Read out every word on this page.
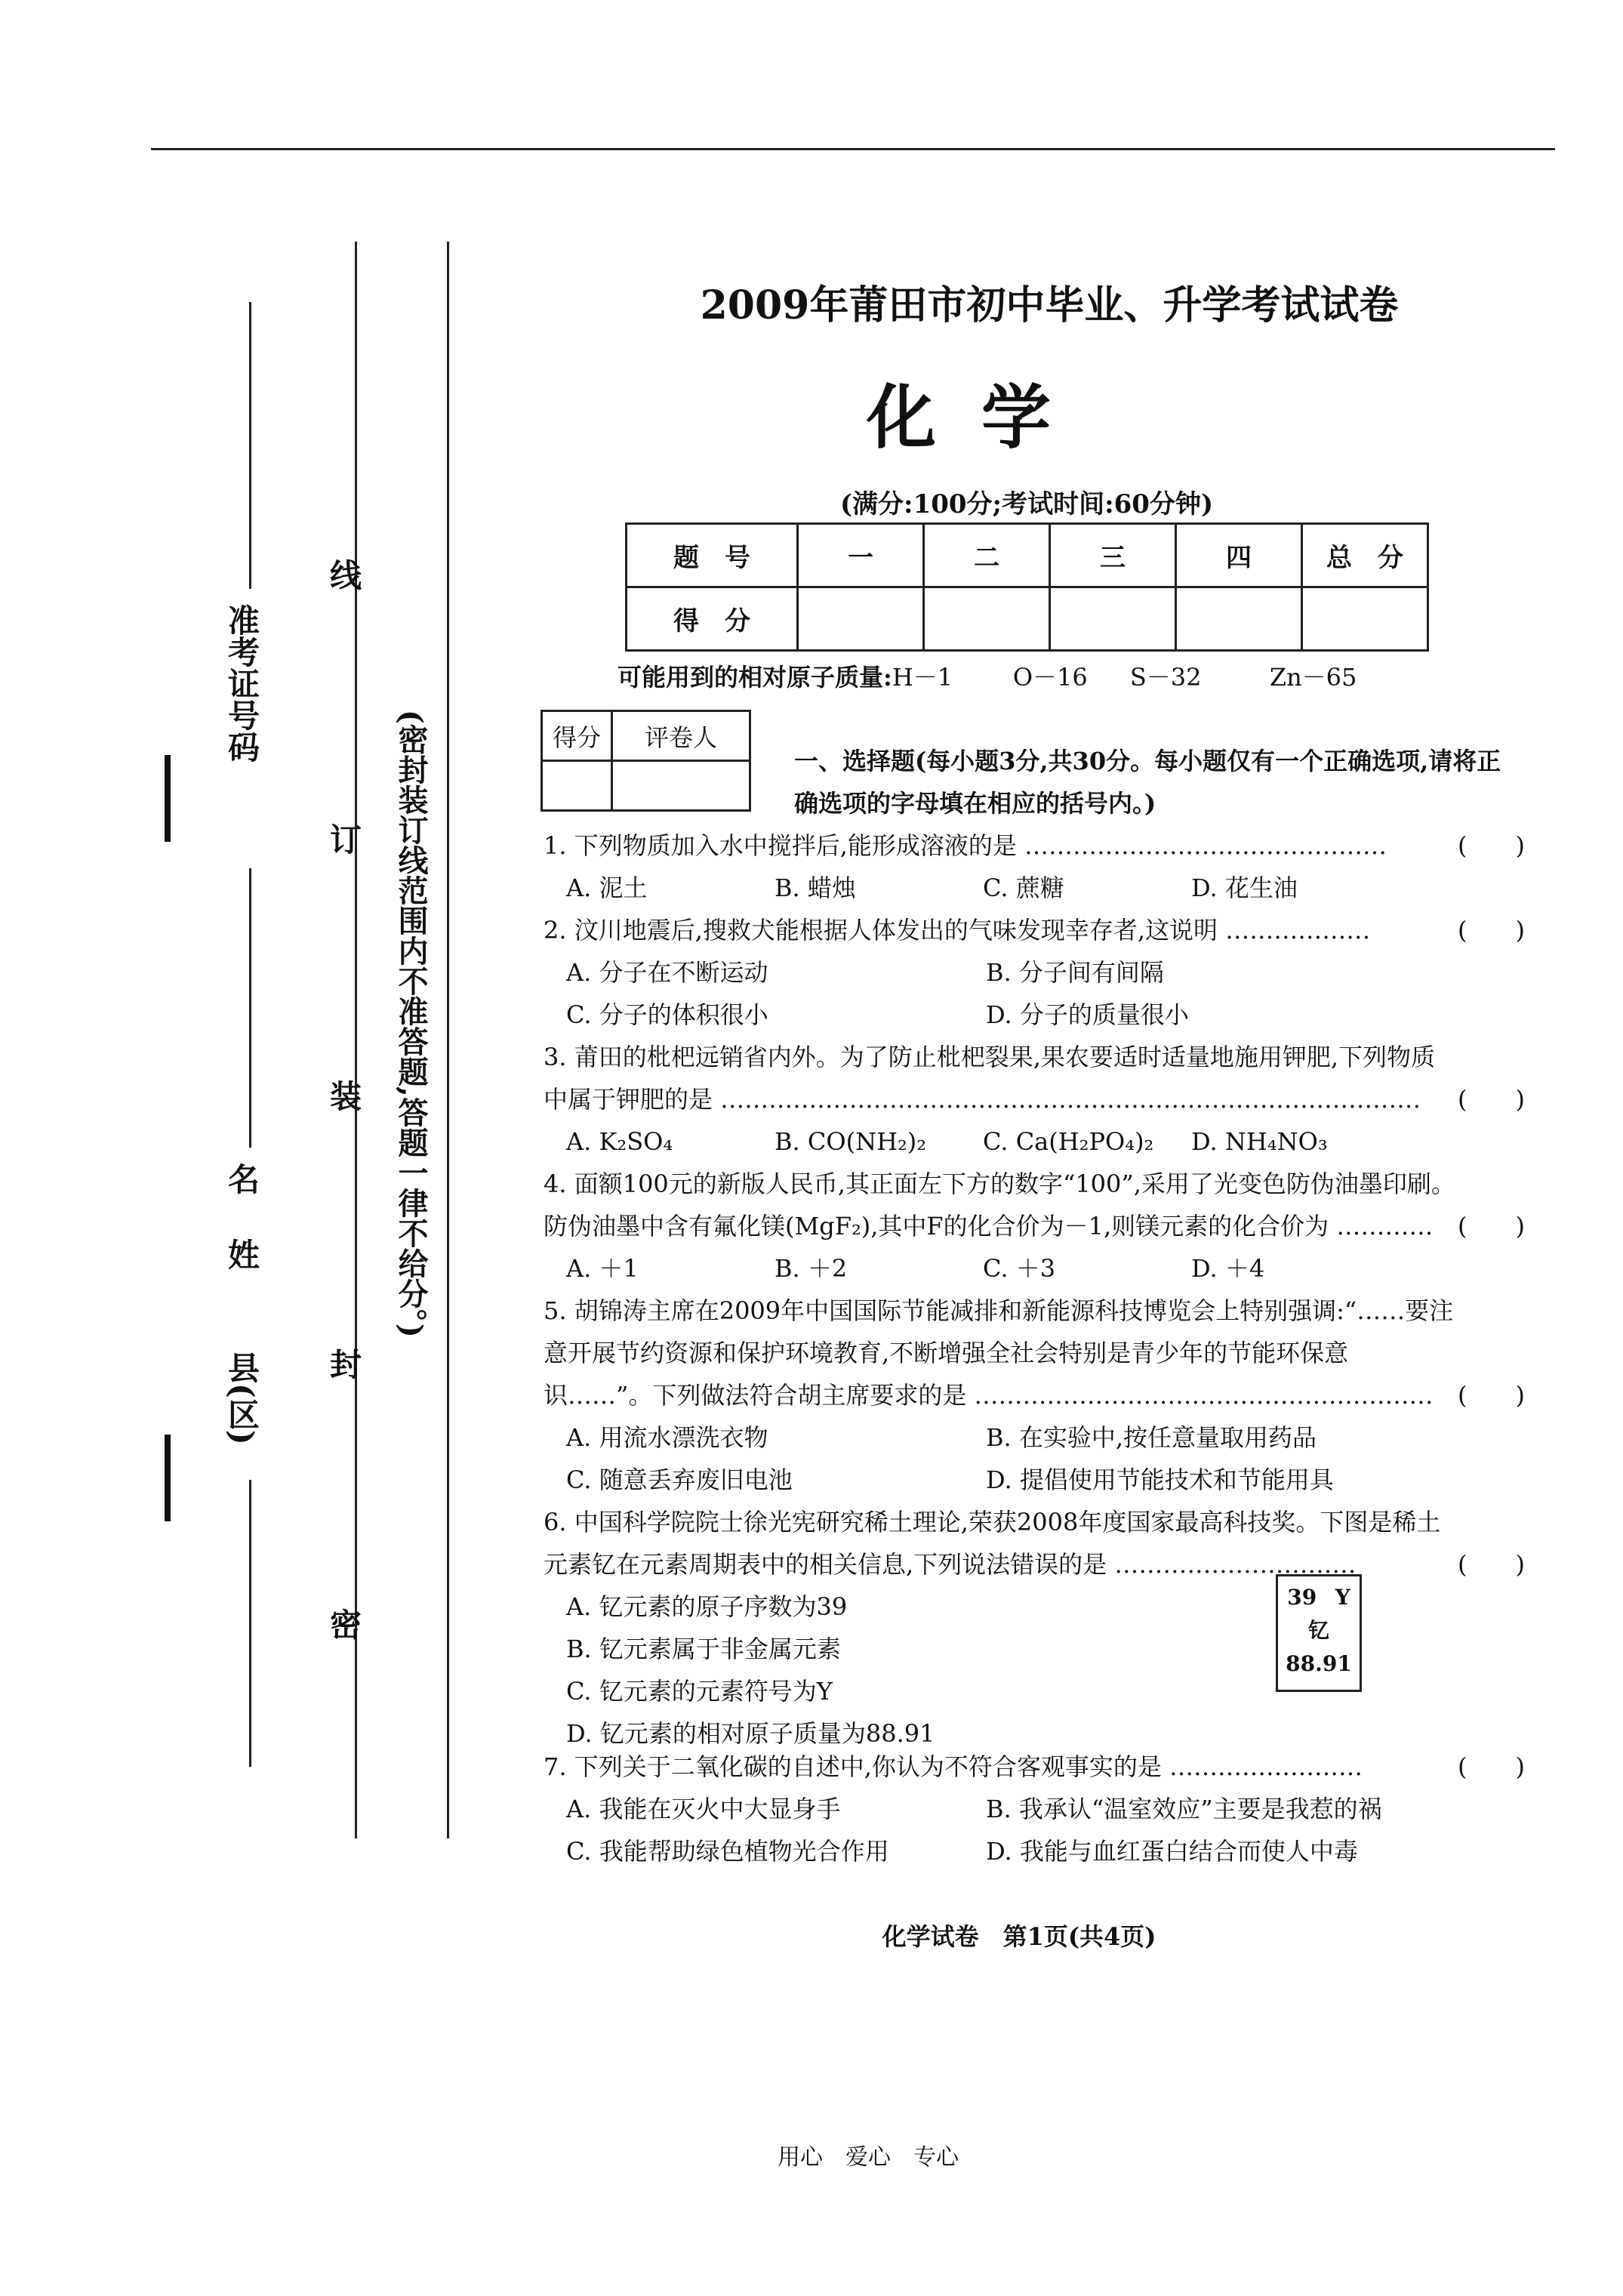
线
订
装
封
密
(密封装订线范围内不准答题,答题一律不给分。)
准考证号码
姓
名
县(区)
2009年莆田市初中毕业、升学考试试卷
化学
(满分:100分;考试时间:60分钟)
题　号	一	二	三	四	总　分
得　分					
可能用到的相对原子质量:H－1 O－16 S－32	Zn－65
得分	评卷人

一、选择题(每小题3分,共30分。每小题仅有一个正确选项,请将正确选项的字母填在相应的括号内。)
1. 下列物质加入水中搅拌后,能形成溶液的是 ………………………………………	(　　)
A. 泥土	B. 蜡烛	C. 蔗糖	D. 花生油
2. 汶川地震后,搜救犬能根据人体发出的气味发现幸存者,这说明 ………………	(　　)
A. 分子在不断运动	B. 分子间有间隔
C. 分子的体积很小	D. 分子的质量很小
3. 莆田的枇杷远销省内外。为了防止枇杷裂果,果农要适时适量地施用钾肥,下列物质中属于钾肥的是 ……………………………………………………………………………	(　　)
A. K₂SO₄	B. CO(NH₂)₂	C. Ca(H₂PO₄)₂	D. NH₄NO₃
4. 面额100元的新版人民币,其正面左下方的数字“100”,采用了光变色防伪油墨印刷。防伪油墨中含有氟化镁(MgF₂),其中F的化合价为－1,则镁元素的化合价为 …………	(　　)
A. ＋1	B. ＋2	C. ＋3	D. ＋4
5. 胡锦涛主席在2009年中国国际节能减排和新能源科技博览会上特别强调:“……要注意开展节约资源和保护环境教育,不断增强全社会特别是青少年的节能环保意识……”。下列做法符合胡主席要求的是 …………………………………………………	(　　)
A. 用流水漂洗衣物	B. 在实验中,按任意量取用药品
C. 随意丢弃废旧电池	D. 提倡使用节能技术和节能用具
6. 中国科学院院士徐光宪研究稀土理论,荣获2008年度国家最高科技奖。下图是稀土元素钇在元素周期表中的相关信息,下列说法错误的是 …………………………	(　　)
A. 钇元素的原子序数为39
B. 钇元素属于非金属元素
C. 钇元素的元素符号为Y
D. 钇元素的相对原子质量为88.91
39 Y
钇
88.91
7. 下列关于二氧化碳的自述中,你认为不符合客观事实的是 ……………………	(　　)
A. 我能在灭火中大显身手	B. 我承认“温室效应”主要是我惹的祸
C. 我能帮助绿色植物光合作用	D. 我能与血红蛋白结合而使人中毒
化学试卷　第1页(共4页)
用心　爱心　专心
